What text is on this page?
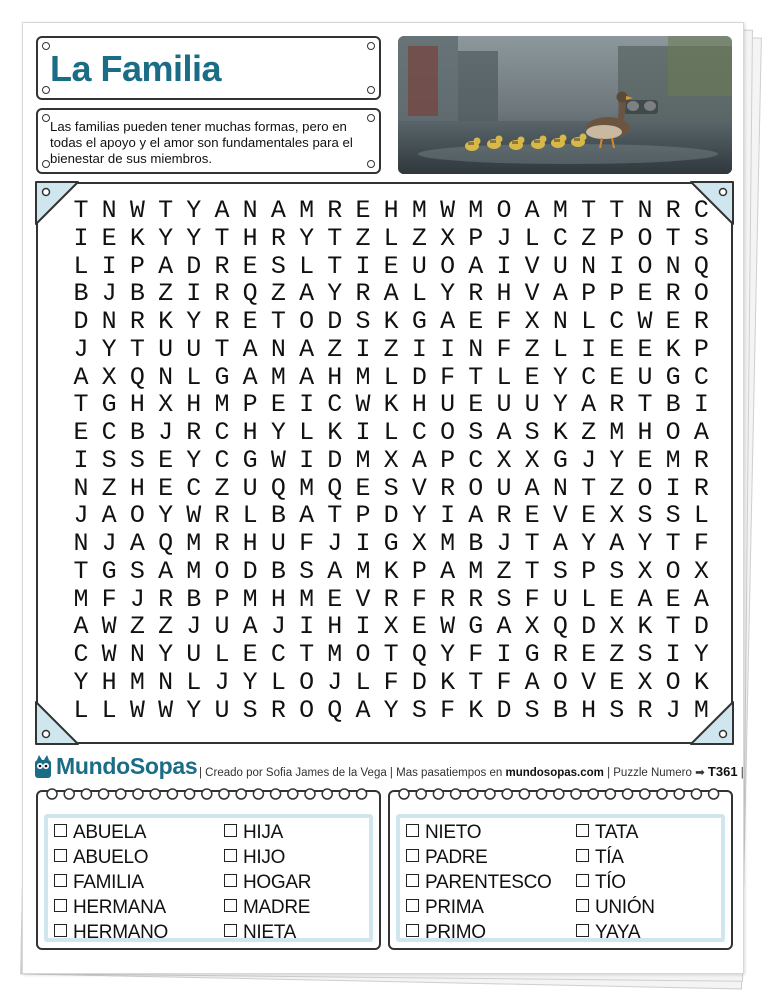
La Familia
Las familias pueden tener muchas formas, pero en todas el apoyo y el amor son fundamentales para el bienestar de sus miembros.
T N W T Y A N A M R E H M W M O A M T T N R C
I E K Y Y T H R Y T Z L Z X P J L C Z P O T S
L I P A D R E S L T I E U O A I V U N I O N Q
B J B Z I R Q Z A Y R A L Y R H V A P P E R O
D N R K Y R E T O D S K G A E F X N L C W E R
J Y T U U T A N A Z I Z I I N F Z L I E E K P
A X Q N L G A M A H M L D F T L E Y C E U G C
T G H X H M P E I C W K H U E U U Y A R T B I
E C B J R C H Y L K I L C O S A S K Z M H O A
I S S E Y C G W I D M X A P C X X G J Y E M R
N Z H E C Z U Q M Q E S V R O U A N T Z O I R
J A O Y W R L B A T P D Y I A R E V E X S S L
N J A Q M R H U F J I G X M B J T A Y A Y T F
T G S A M O D B S A M K P A M Z T S P S X O X
M F J R B P M H M E V R F R R S F U L E A E A
A W Z Z J U A J I H I X E W G A X Q D X K T D
C W N Y U L E C T M O T Q Y F I G R E Z S I Y
Y H M N L J Y L O J L F D K T F A O V E X O K
L L W W Y U S R O Q A Y S F K D S B H S R J M
MundoSopas | Creado por Sofia James de la Vega | Mas pasatiempos en mundosopas.com | Puzzle Numero ➡ T361 |
ABUELA
ABUELO
FAMILIA
HERMANA
HERMANO
HIJA
HIJO
HOGAR
MADRE
NIETA
NIETO
PADRE
PARENTESCO
PRIMA
PRIMO
TATA
TÍA
TÍO
UNIÓN
YAYA
